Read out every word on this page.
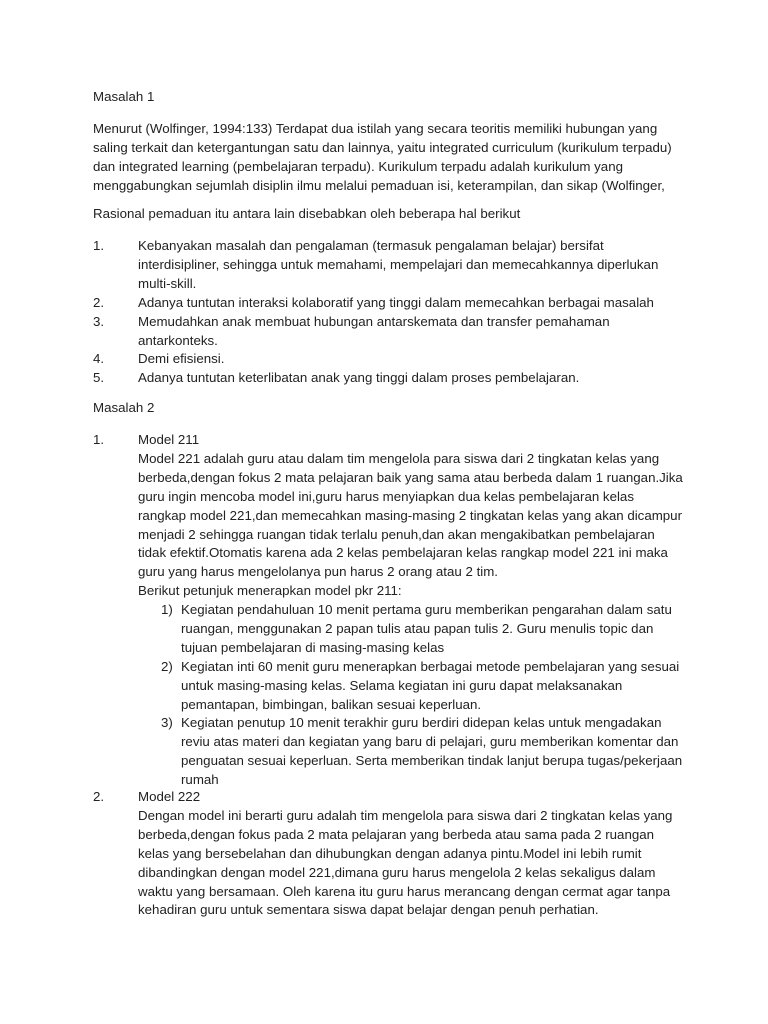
Masalah 1

Menurut (Wolfinger, 1994:133) Terdapat dua istilah yang secara teoritis memiliki hubungan yang saling terkait dan ketergantungan satu dan lainnya, yaitu integrated curriculum (kurikulum terpadu) dan integrated learning (pembelajaran terpadu). Kurikulum terpadu adalah kurikulum yang menggabungkan sejumlah disiplin ilmu melalui pemaduan isi, keterampilan, dan sikap (Wolfinger,

Rasional pemaduan itu antara lain disebabkan oleh beberapa hal berikut

1.	Kebanyakan masalah dan pengalaman (termasuk pengalaman belajar) bersifat interdisipliner, sehingga untuk memahami, mempelajari dan memecahkannya diperlukan multi-skill.
2.	Adanya tuntutan interaksi kolaboratif yang tinggi dalam memecahkan berbagai masalah
3.	Memudahkan anak membuat hubungan antarskemata dan transfer pemahaman antarkonteks.
4.	Demi efisiensi.
5.	Adanya tuntutan keterlibatan anak yang tinggi dalam proses pembelajaran.

Masalah 2

1.	Model 211
Model 221 adalah guru atau dalam tim mengelola para siswa dari 2 tingkatan kelas yang berbeda,dengan fokus 2 mata pelajaran baik yang sama atau berbeda dalam 1 ruangan.Jika guru ingin mencoba model ini,guru harus menyiapkan dua kelas pembelajaran kelas rangkap model 221,dan memecahkan masing-masing 2 tingkatan kelas yang akan dicampur menjadi 2 sehingga ruangan tidak terlalu penuh,dan akan mengakibatkan pembelajaran tidak efektif.Otomatis karena ada 2 kelas pembelajaran kelas rangkap model 221 ini maka guru yang harus mengelolanya pun harus 2 orang atau 2 tim.
Berikut petunjuk menerapkan model pkr 211:
1) Kegiatan pendahuluan 10 menit pertama guru memberikan pengarahan dalam satu ruangan, menggunakan 2 papan tulis atau papan tulis 2. Guru menulis topic dan tujuan pembelajaran di masing-masing kelas
2) Kegiatan inti 60 menit guru menerapkan berbagai metode pembelajaran yang sesuai untuk masing-masing kelas. Selama kegiatan ini guru dapat melaksanakan pemantapan, bimbingan, balikan sesuai keperluan.
3) Kegiatan penutup 10 menit terakhir guru berdiri didepan kelas untuk mengadakan reviu atas materi dan kegiatan yang baru di pelajari, guru memberikan komentar dan penguatan sesuai keperluan. Serta memberikan tindak lanjut berupa tugas/pekerjaan rumah
2.	Model 222
Dengan model ini berarti guru adalah tim mengelola para siswa dari 2 tingkatan kelas yang berbeda,dengan fokus pada 2 mata pelajaran yang berbeda atau sama pada 2 ruangan kelas yang bersebelahan dan dihubungkan dengan adanya pintu.Model ini lebih rumit dibandingkan dengan model 221,dimana guru harus mengelola 2 kelas sekaligus dalam waktu yang bersamaan. Oleh karena itu guru harus merancang dengan cermat agar tanpa kehadiran guru untuk sementara siswa dapat belajar dengan penuh perhatian.
